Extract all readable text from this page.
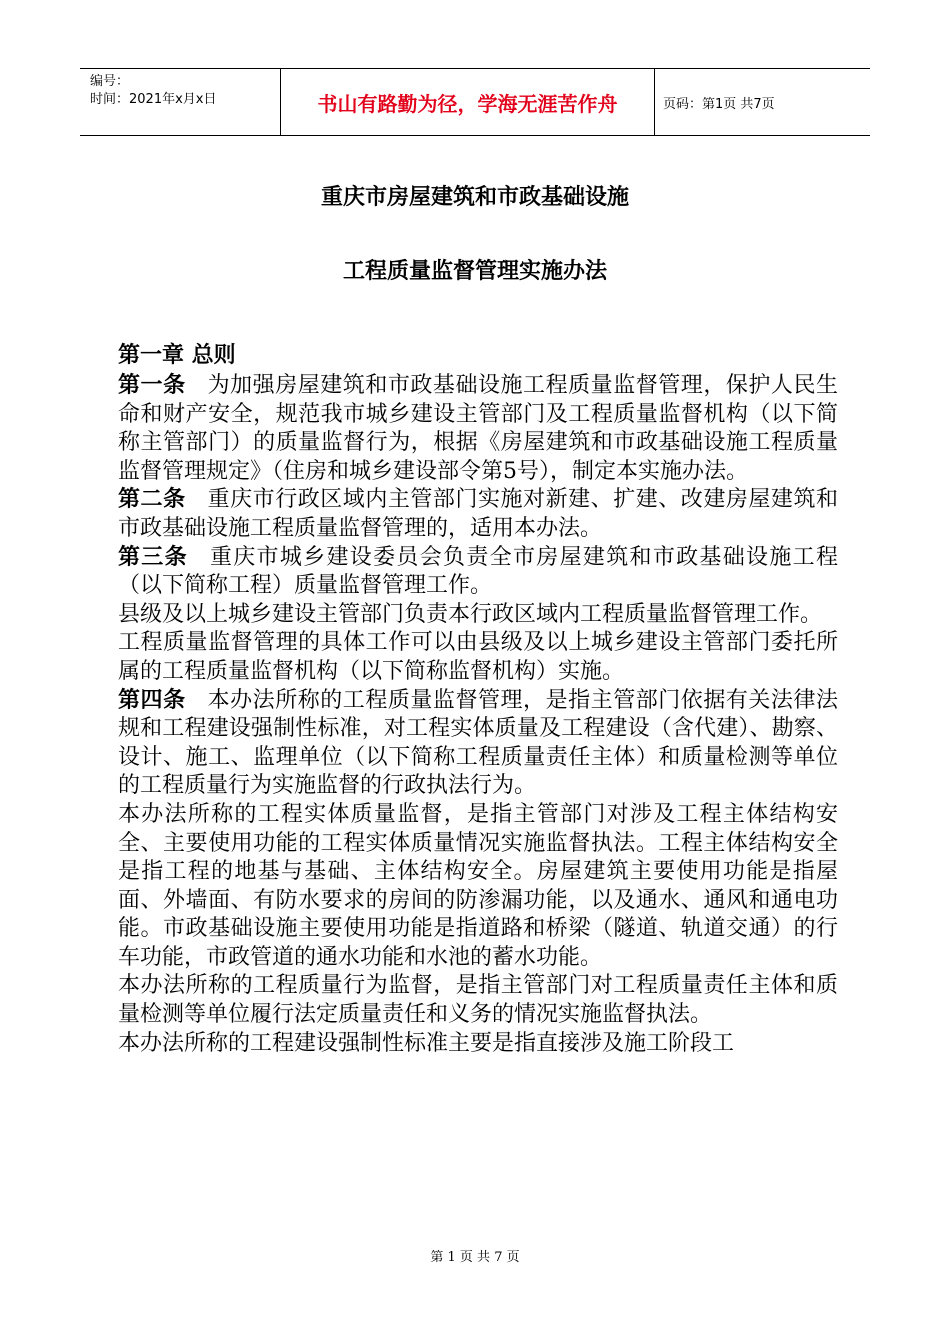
编号：
时间：2021年x月x日	书山有路勤为径，学海无涯苦作舟	页码：第1页 共7页
重庆市房屋建筑和市政基础设施
工程质量监督管理实施办法

第一章 总则

第一条 为加强房屋建筑和市政基础设施工程质量监督管理，保护人民生命和财产安全，规范我市城乡建设主管部门及工程质量监督机构（以下简称主管部门）的质量监督行为，根据《房屋建筑和市政基础设施工程质量监督管理规定》（住房和城乡建设部令第5号），制定本实施办法。

第二条 重庆市行政区域内主管部门实施对新建、扩建、改建房屋建筑和市政基础设施工程质量监督管理的，适用本办法。

第三条 重庆市城乡建设委员会负责全市房屋建筑和市政基础设施工程（以下简称工程）质量监督管理工作。

县级及以上城乡建设主管部门负责本行政区域内工程质量监督管理工作。

工程质量监督管理的具体工作可以由县级及以上城乡建设主管部门委托所属的工程质量监督机构（以下简称监督机构）实施。

第四条 本办法所称的工程质量监督管理，是指主管部门依据有关法律法规和工程建设强制性标准，对工程实体质量及工程建设（含代建）、勘察、设计、施工、监理单位（以下简称工程质量责任主体）和质量检测等单位的工程质量行为实施监督的行政执法行为。

本办法所称的工程实体质量监督，是指主管部门对涉及工程主体结构安全、主要使用功能的工程实体质量情况实施监督执法。工程主体结构安全是指工程的地基与基础、主体结构安全。房屋建筑主要使用功能是指屋面、外墙面、有防水要求的房间的防渗漏功能，以及通水、通风和通电功能。市政基础设施主要使用功能是指道路和桥梁（隧道、轨道交通）的行车功能，市政管道的通水功能和水池的蓄水功能。

本办法所称的工程质量行为监督，是指主管部门对工程质量责任主体和质量检测等单位履行法定质量责任和义务的情况实施监督执法。

本办法所称的工程建设强制性标准主要是指直接涉及施工阶段工

第 1 页 共 7 页
